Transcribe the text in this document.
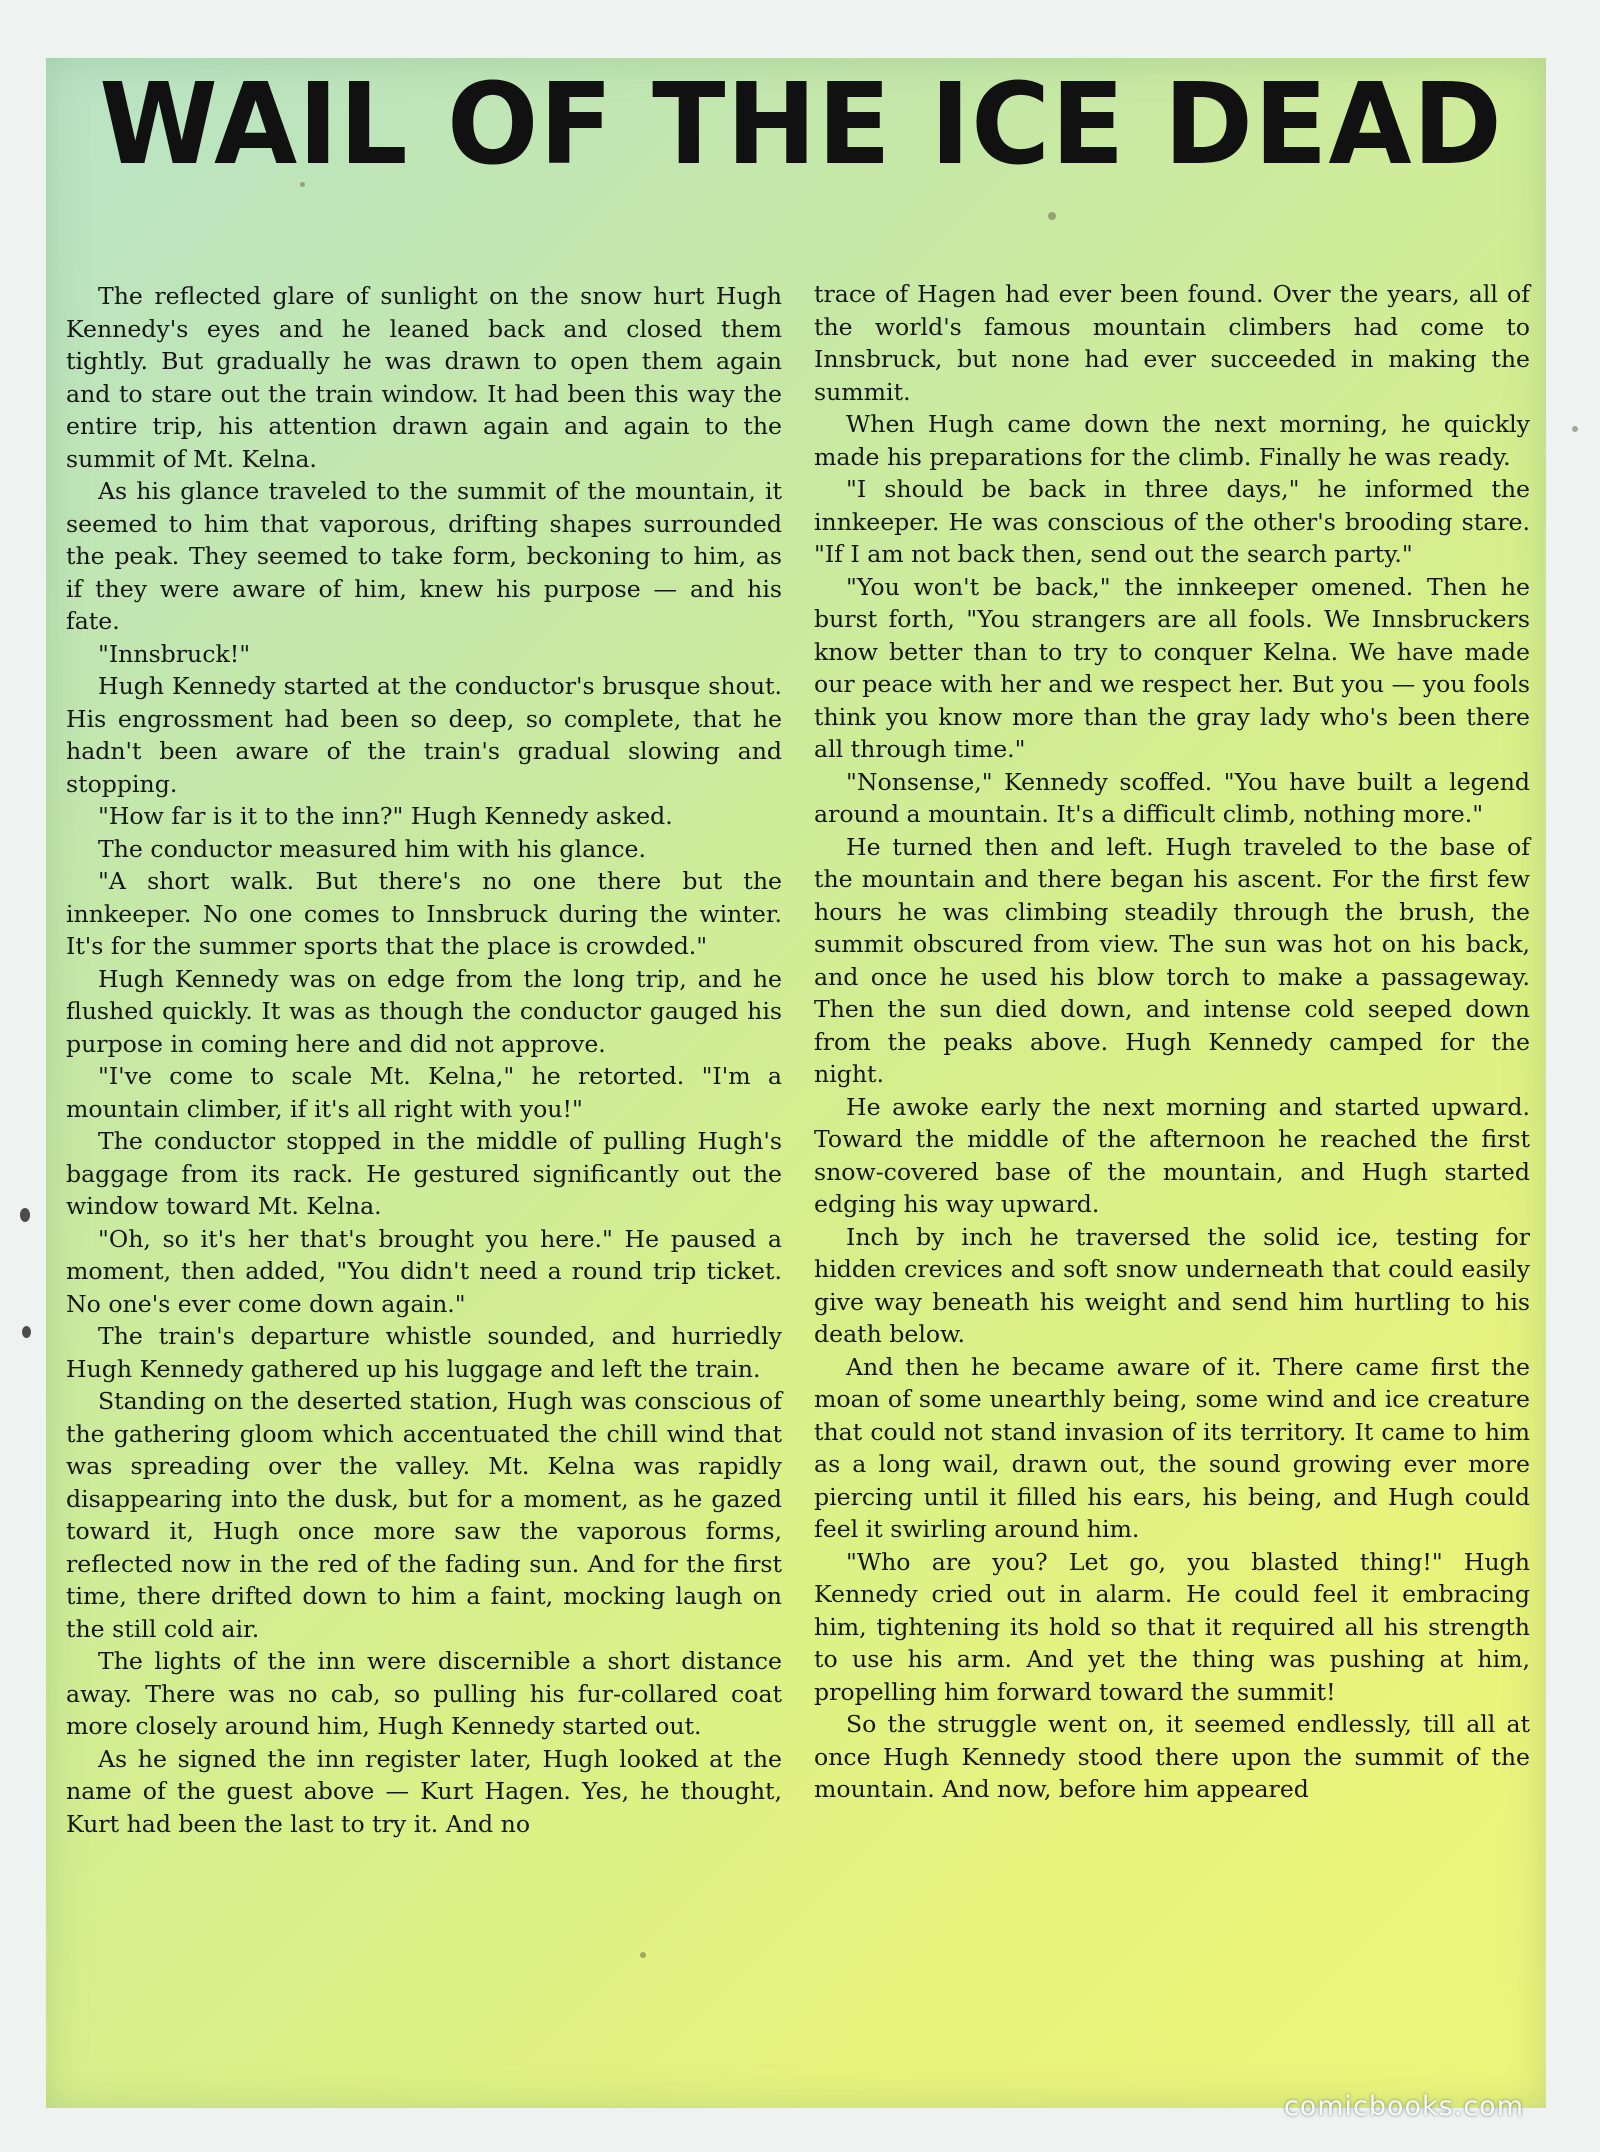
WAIL OF THE ICE DEAD

The reflected glare of sunlight on the snow hurt Hugh Kennedy's eyes and he leaned back and closed them tightly. But gradually he was drawn to open them again and to stare out the train window. It had been this way the entire trip, his attention drawn again and again to the summit of Mt. Kelna.

As his glance traveled to the summit of the mountain, it seemed to him that vaporous, drifting shapes surrounded the peak. They seemed to take form, beckoning to him, as if they were aware of him, knew his purpose — and his fate.

"Innsbruck!"

Hugh Kennedy started at the conductor's brusque shout. His engrossment had been so deep, so complete, that he hadn't been aware of the train's gradual slowing and stopping.

"How far is it to the inn?" Hugh Kennedy asked.

The conductor measured him with his glance.

"A short walk. But there's no one there but the innkeeper. No one comes to Innsbruck during the winter. It's for the summer sports that the place is crowded."

Hugh Kennedy was on edge from the long trip, and he flushed quickly. It was as though the conductor gauged his purpose in coming here and did not approve.

"I've come to scale Mt. Kelna," he retorted. "I'm a mountain climber, if it's all right with you!"

The conductor stopped in the middle of pulling Hugh's baggage from its rack. He gestured significantly out the window toward Mt. Kelna.

"Oh, so it's her that's brought you here." He paused a moment, then added, "You didn't need a round trip ticket. No one's ever come down again."

The train's departure whistle sounded, and hurriedly Hugh Kennedy gathered up his luggage and left the train.

Standing on the deserted station, Hugh was conscious of the gathering gloom which accentuated the chill wind that was spreading over the valley. Mt. Kelna was rapidly disappearing into the dusk, but for a moment, as he gazed toward it, Hugh once more saw the vaporous forms, reflected now in the red of the fading sun. And for the first time, there drifted down to him a faint, mocking laugh on the still cold air.

The lights of the inn were discernible a short distance away. There was no cab, so pulling his fur-collared coat more closely around him, Hugh Kennedy started out.

As he signed the inn register later, Hugh looked at the name of the guest above — Kurt Hagen. Yes, he thought, Kurt had been the last to try it. And no

trace of Hagen had ever been found. Over the years, all of the world's famous mountain climbers had come to Innsbruck, but none had ever succeeded in making the summit.

When Hugh came down the next morning, he quickly made his preparations for the climb. Finally he was ready.

"I should be back in three days," he informed the innkeeper. He was conscious of the other's brooding stare. "If I am not back then, send out the search party."

"You won't be back," the innkeeper omened. Then he burst forth, "You strangers are all fools. We Innsbruckers know better than to try to conquer Kelna. We have made our peace with her and we respect her. But you — you fools think you know more than the gray lady who's been there all through time."

"Nonsense," Kennedy scoffed. "You have built a legend around a mountain. It's a difficult climb, nothing more."

He turned then and left. Hugh traveled to the base of the mountain and there began his ascent. For the first few hours he was climbing steadily through the brush, the summit obscured from view. The sun was hot on his back, and once he used his blow torch to make a passageway. Then the sun died down, and intense cold seeped down from the peaks above. Hugh Kennedy camped for the night.

He awoke early the next morning and started upward. Toward the middle of the afternoon he reached the first snow-covered base of the mountain, and Hugh started edging his way upward.

Inch by inch he traversed the solid ice, testing for hidden crevices and soft snow underneath that could easily give way beneath his weight and send him hurtling to his death below.

And then he became aware of it. There came first the moan of some unearthly being, some wind and ice creature that could not stand invasion of its territory. It came to him as a long wail, drawn out, the sound growing ever more piercing until it filled his ears, his being, and Hugh could feel it swirling around him.

"Who are you? Let go, you blasted thing!" Hugh Kennedy cried out in alarm. He could feel it embracing him, tightening its hold so that it required all his strength to use his arm. And yet the thing was pushing at him, propelling him forward toward the summit!

So the struggle went on, it seemed endlessly, till all at once Hugh Kennedy stood there upon the summit of the mountain. And now, before him appeared

comicbooks.com
